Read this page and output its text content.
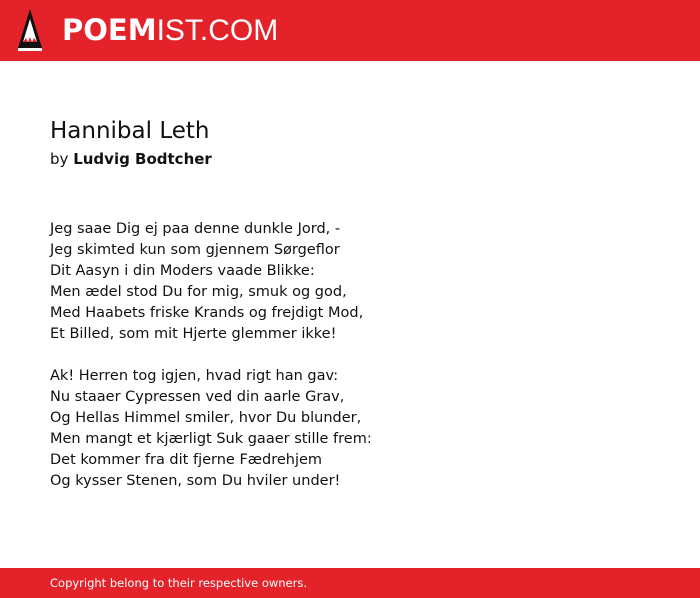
POEMIST.COM
Hannibal Leth
by Ludvig Bodtcher
Jeg saae Dig ej paa denne dunkle Jord, -
Jeg skimted kun som gjennem Sørgeflor
Dit Aasyn i din Moders vaade Blikke:
Men ædel stod Du for mig, smuk og god,
Med Haabets friske Krands og frejdigt Mod,
Et Billed, som mit Hjerte glemmer ikke!
Ak! Herren tog igjen, hvad rigt han gav:
Nu staaer Cypressen ved din aarle Grav,
Og Hellas Himmel smiler, hvor Du blunder,
Men mangt et kjærligt Suk gaaer stille frem:
Det kommer fra dit fjerne Fædrehjem
Og kysser Stenen, som Du hviler under!
Copyright belong to their respective owners.
